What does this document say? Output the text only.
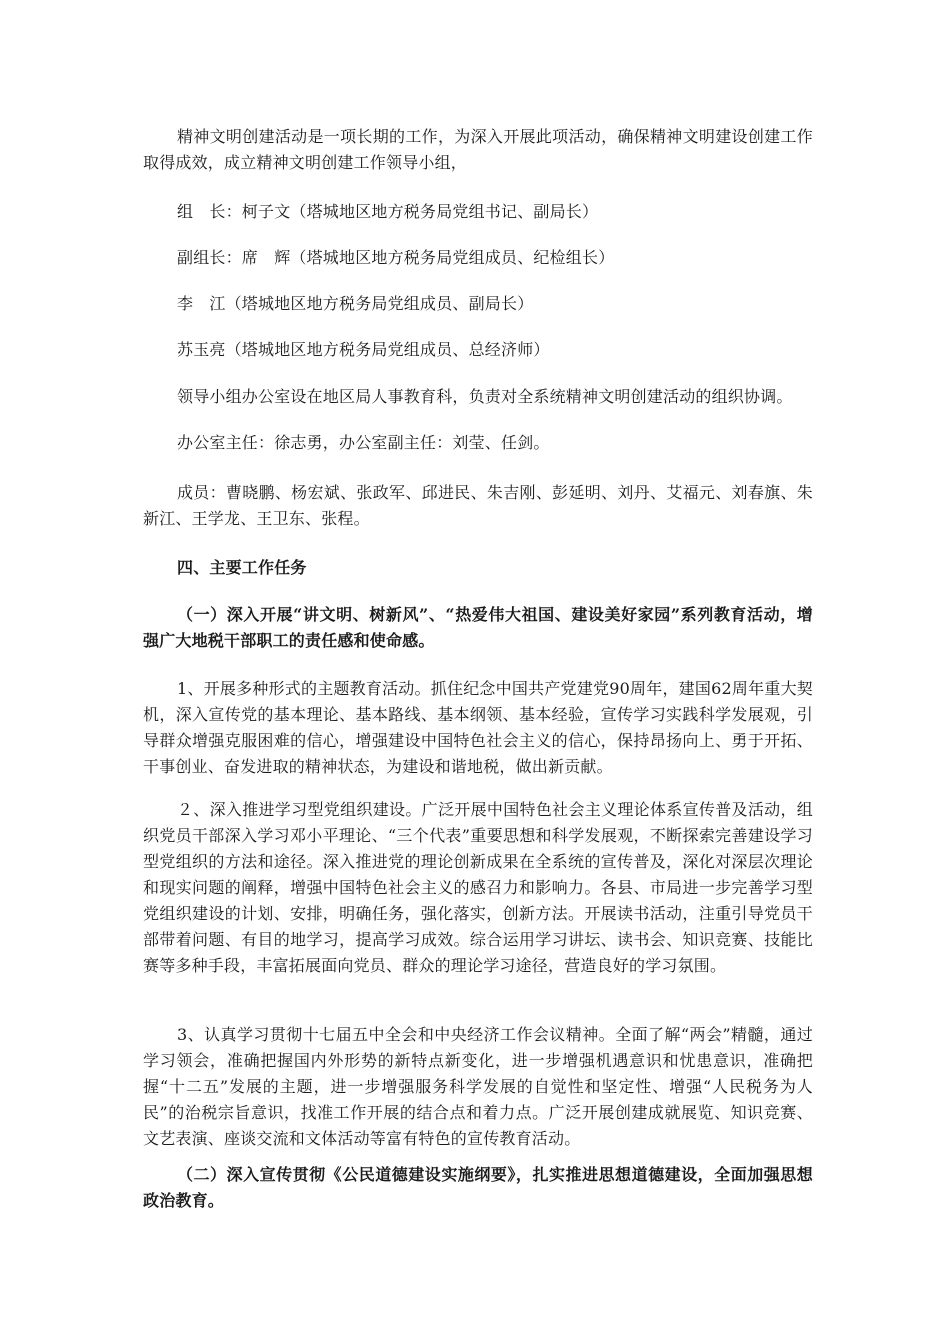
精神文明创建活动是一项长期的工作，为深入开展此项活动，确保精神文明建设创建工作取得成效，成立精神文明创建工作领导小组，

组　长：柯子文（塔城地区地方税务局党组书记、副局长）

副组长：席　辉（塔城地区地方税务局党组成员、纪检组长）

李　江（塔城地区地方税务局党组成员、副局长）

苏玉亮（塔城地区地方税务局党组成员、总经济师）

领导小组办公室设在地区局人事教育科，负责对全系统精神文明创建活动的组织协调。

办公室主任：徐志勇，办公室副主任：刘莹、任剑。

成员：曹晓鹏、杨宏斌、张政军、邱进民、朱吉刚、彭延明、刘丹、艾福元、刘春旗、朱新江、王学龙、王卫东、张程。

四、主要工作任务

（一）深入开展“讲文明、树新风”、“热爱伟大祖国、建设美好家园”系列教育活动，增强广大地税干部职工的责任感和使命感。

1、开展多种形式的主题教育活动。抓住纪念中国共产党建党90周年，建国62周年重大契机，深入宣传党的基本理论、基本路线、基本纲领、基本经验，宣传学习实践科学发展观，引导群众增强克服困难的信心，增强建设中国特色社会主义的信心，保持昂扬向上、勇于开拓、干事创业、奋发进取的精神状态，为建设和谐地税，做出新贡献。

２、深入推进学习型党组织建设。广泛开展中国特色社会主义理论体系宣传普及活动，组织党员干部深入学习邓小平理论、“三个代表”重要思想和科学发展观，不断探索完善建设学习型党组织的方法和途径。深入推进党的理论创新成果在全系统的宣传普及，深化对深层次理论和现实问题的阐释，增强中国特色社会主义的感召力和影响力。各县、市局进一步完善学习型党组织建设的计划、安排，明确任务，强化落实，创新方法。开展读书活动，注重引导党员干部带着问题、有目的地学习，提高学习成效。综合运用学习讲坛、读书会、知识竞赛、技能比赛等多种手段，丰富拓展面向党员、群众的理论学习途径，营造良好的学习氛围。

3、认真学习贯彻十七届五中全会和中央经济工作会议精神。全面了解“两会”精髓，通过学习领会，准确把握国内外形势的新特点新变化，进一步增强机遇意识和忧患意识，准确把握“十二五”发展的主题，进一步增强服务科学发展的自觉性和坚定性、增强“人民税务为人民”的治税宗旨意识，找准工作开展的结合点和着力点。广泛开展创建成就展览、知识竞赛、文艺表演、座谈交流和文体活动等富有特色的宣传教育活动。

（二）深入宣传贯彻《公民道德建设实施纲要》，扎实推进思想道德建设，全面加强思想政治教育。
